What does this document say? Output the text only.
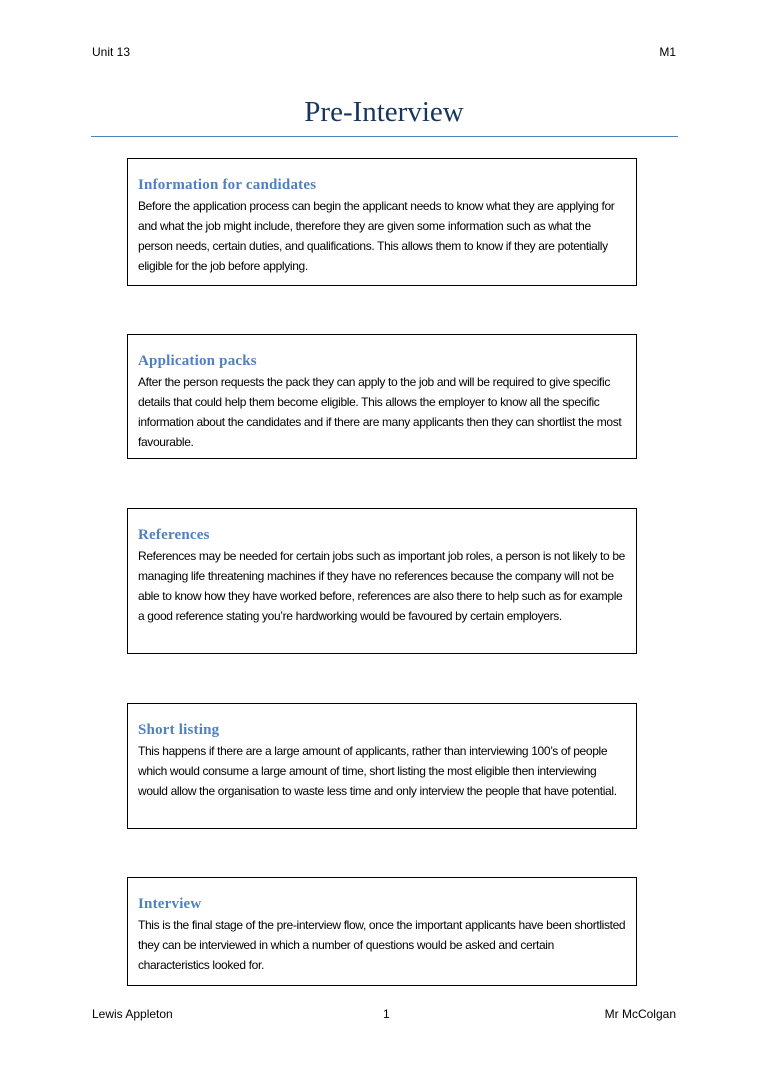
Unit 13	M1
Pre-Interview
Information for candidates

Before the application process can begin the applicant needs to know what they are applying for and what the job might include, therefore they are given some information such as what the person needs, certain duties, and qualifications. This allows them to know if they are potentially eligible for the job before applying.

Application packs

After the person requests the pack they can apply to the job and will be required to give specific details that could help them become eligible. This allows the employer to know all the specific information about the candidates and if there are many applicants then they can shortlist the most favourable.

References

References may be needed for certain jobs such as important job roles, a person is not likely to be managing life threatening machines if they have no references because the company will not be able to know how they have worked before, references are also there to help such as for example a good reference stating you’re hardworking would be favoured by certain employers.

Short listing

This happens if there are a large amount of applicants, rather than interviewing 100’s of people which would consume a large amount of time, short listing the most eligible then interviewing would allow the organisation to waste less time and only interview the people that have potential.

Interview

This is the final stage of the pre-interview flow, once the important applicants have been shortlisted they can be interviewed in which a number of questions would be asked and certain characteristics looked for.

Lewis Appleton	1	Mr McColgan
